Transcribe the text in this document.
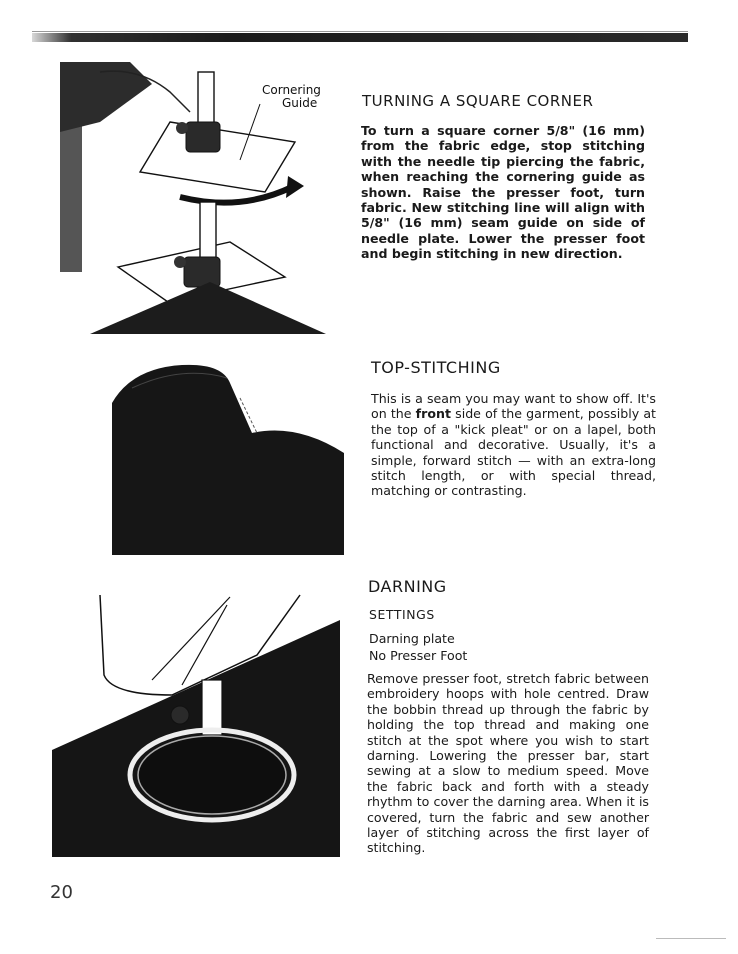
Cornering
Guide	TURNING A SQUARE CORNER

To turn a square corner 5/8" (16 mm) from the fabric edge, stop stitching with the needle tip piercing the fabric, when reaching the cornering guide as shown. Raise the presser foot, turn fabric. New stitching line will align with 5/8" (16 mm) seam guide on side of needle plate. Lower the presser foot and begin stitching in new direction.

TOP-STITCHING

This is a seam you may want to show off. It's on the front side of the garment, possibly at the top of a "kick pleat" or on a lapel, both functional and decorative. Usually, it's a simple, forward stitch — with an extra-long stitch length, or with special thread, matching or contrasting.

DARNING

SETTINGS

Darning plate

No Presser Foot

Remove presser foot, stretch fabric between embroidery hoops with hole centred. Draw the bobbin thread up through the fabric by holding the top thread and making one stitch at the spot where you wish to start darning. Lowering the presser bar, start sewing at a slow to medium speed. Move the fabric back and forth with a steady rhythm to cover the darning area. When it is covered, turn the fabric and sew another layer of stitching across the first layer of stitching.

20
